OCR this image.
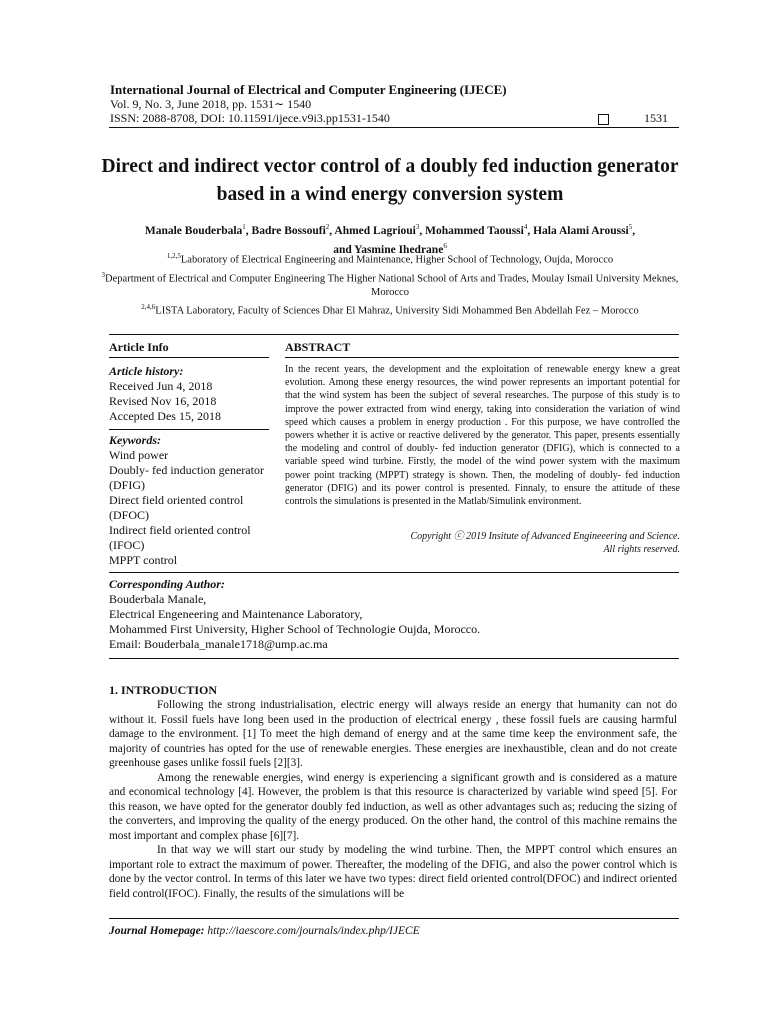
International Journal of Electrical and Computer Engineering (IJECE)
Vol. 9, No. 3, June 2018, pp. 1531∼ 1540
ISSN: 2088-8708, DOI: 10.11591/ijece.v9i3.pp1531-1540	1531
Direct and indirect vector control of a doubly fed induction generator based in a wind energy conversion system
Manale Bouderbala$^1$, Badre Bossoufi$^2$, Ahmed Lagrioui$^3$, Mohammed Taoussi$^4$, Hala Alami Aroussi$^5$,
and Yasmine Ihedrane$^6$

$^{1,2,5}$Laboratory of Electrical Engineering and Maintenance, Higher School of Technology, Oujda, Morocco

$^3$Department of Electrical and Computer Engineering The Higher National School of Arts and Trades, Moulay Ismail University Meknes, Morocco

$^{2,4,6}$LISTA Laboratory, Faculty of Sciences Dhar El Mahraz, University Sidi Mohammed Ben Abdellah Fez – Morocco

Article Info
Article history:
Received Jun 4, 2018
Revised Nov 16, 2018
Accepted Des 15, 2018
Keywords:
Wind power
Doubly- fed induction generator (DFIG)
Direct field oriented control (DFOC)
Indirect field oriented control (IFOC)
MPPT control
ABSTRACT
In the recent years, the development and the exploitation of renewable energy knew a great evolution. Among these energy resources, the wind power represents an important potential for that the wind system has been the subject of several researches. The purpose of this study is to improve the power extracted from wind energy, taking into consideration the variation of wind speed which causes a problem in energy production . For this purpose, we have controlled the powers whether it is active or reactive delivered by the generator. This paper, presents essentially the modeling and control of doubly- fed induction generator (DFIG), which is connected to a variable speed wind turbine. Firstly, the model of the wind power system with the maximum power point tracking (MPPT) strategy is shown. Then, the modeling of doubly- fed induction generator (DFIG) and its power control is presented. Finnaly, to ensure the attitude of these controls the simulations is presented in the Matlab/Simulink environment.
Copyright ⓒ 2019 Insitute of Advanced Engineeering and Science.
All rights reserved.
Corresponding Author:
Bouderbala Manale,
Electrical Engeneering and Maintenance Laboratory,
Mohammed First University, Higher School of Technologie Oujda, Morocco.
Email: Bouderbala_manale1718@ump.ac.ma
1. INTRODUCTION

Following the strong industrialisation, electric energy will always reside an energy that humanity can not do without it. Fossil fuels have long been used in the production of electrical energy , these fossil fuels are causing harmful damage to the environment. [1] To meet the high demand of energy and at the same time keep the environment safe, the majority of countries has opted for the use of renewable energies. These energies are inexhaustible, clean and do not create greenhouse gases unlike fossil fuels [2][3].

Among the renewable energies, wind energy is experiencing a significant growth and is considered as a mature and economical technology [4]. However, the problem is that this resource is characterized by variable wind speed [5]. For this reason, we have opted for the generator doubly fed induction, as well as other advantages such as; reducing the sizing of the converters, and improving the quality of the energy produced. On the other hand, the control of this machine remains the most important and complex phase [6][7].

In that way we will start our study by modeling the wind turbine. Then, the MPPT control which ensures an important role to extract the maximum of power. Thereafter, the modeling of the DFIG, and also the power control which is done by the vector control. In terms of this later we have two types: direct field oriented control(DFOC) and indirect oriented field control(IFOC). Finally, the results of the simulations will be

Journal Homepage: http://iaescore.com/journals/index.php/IJECE
